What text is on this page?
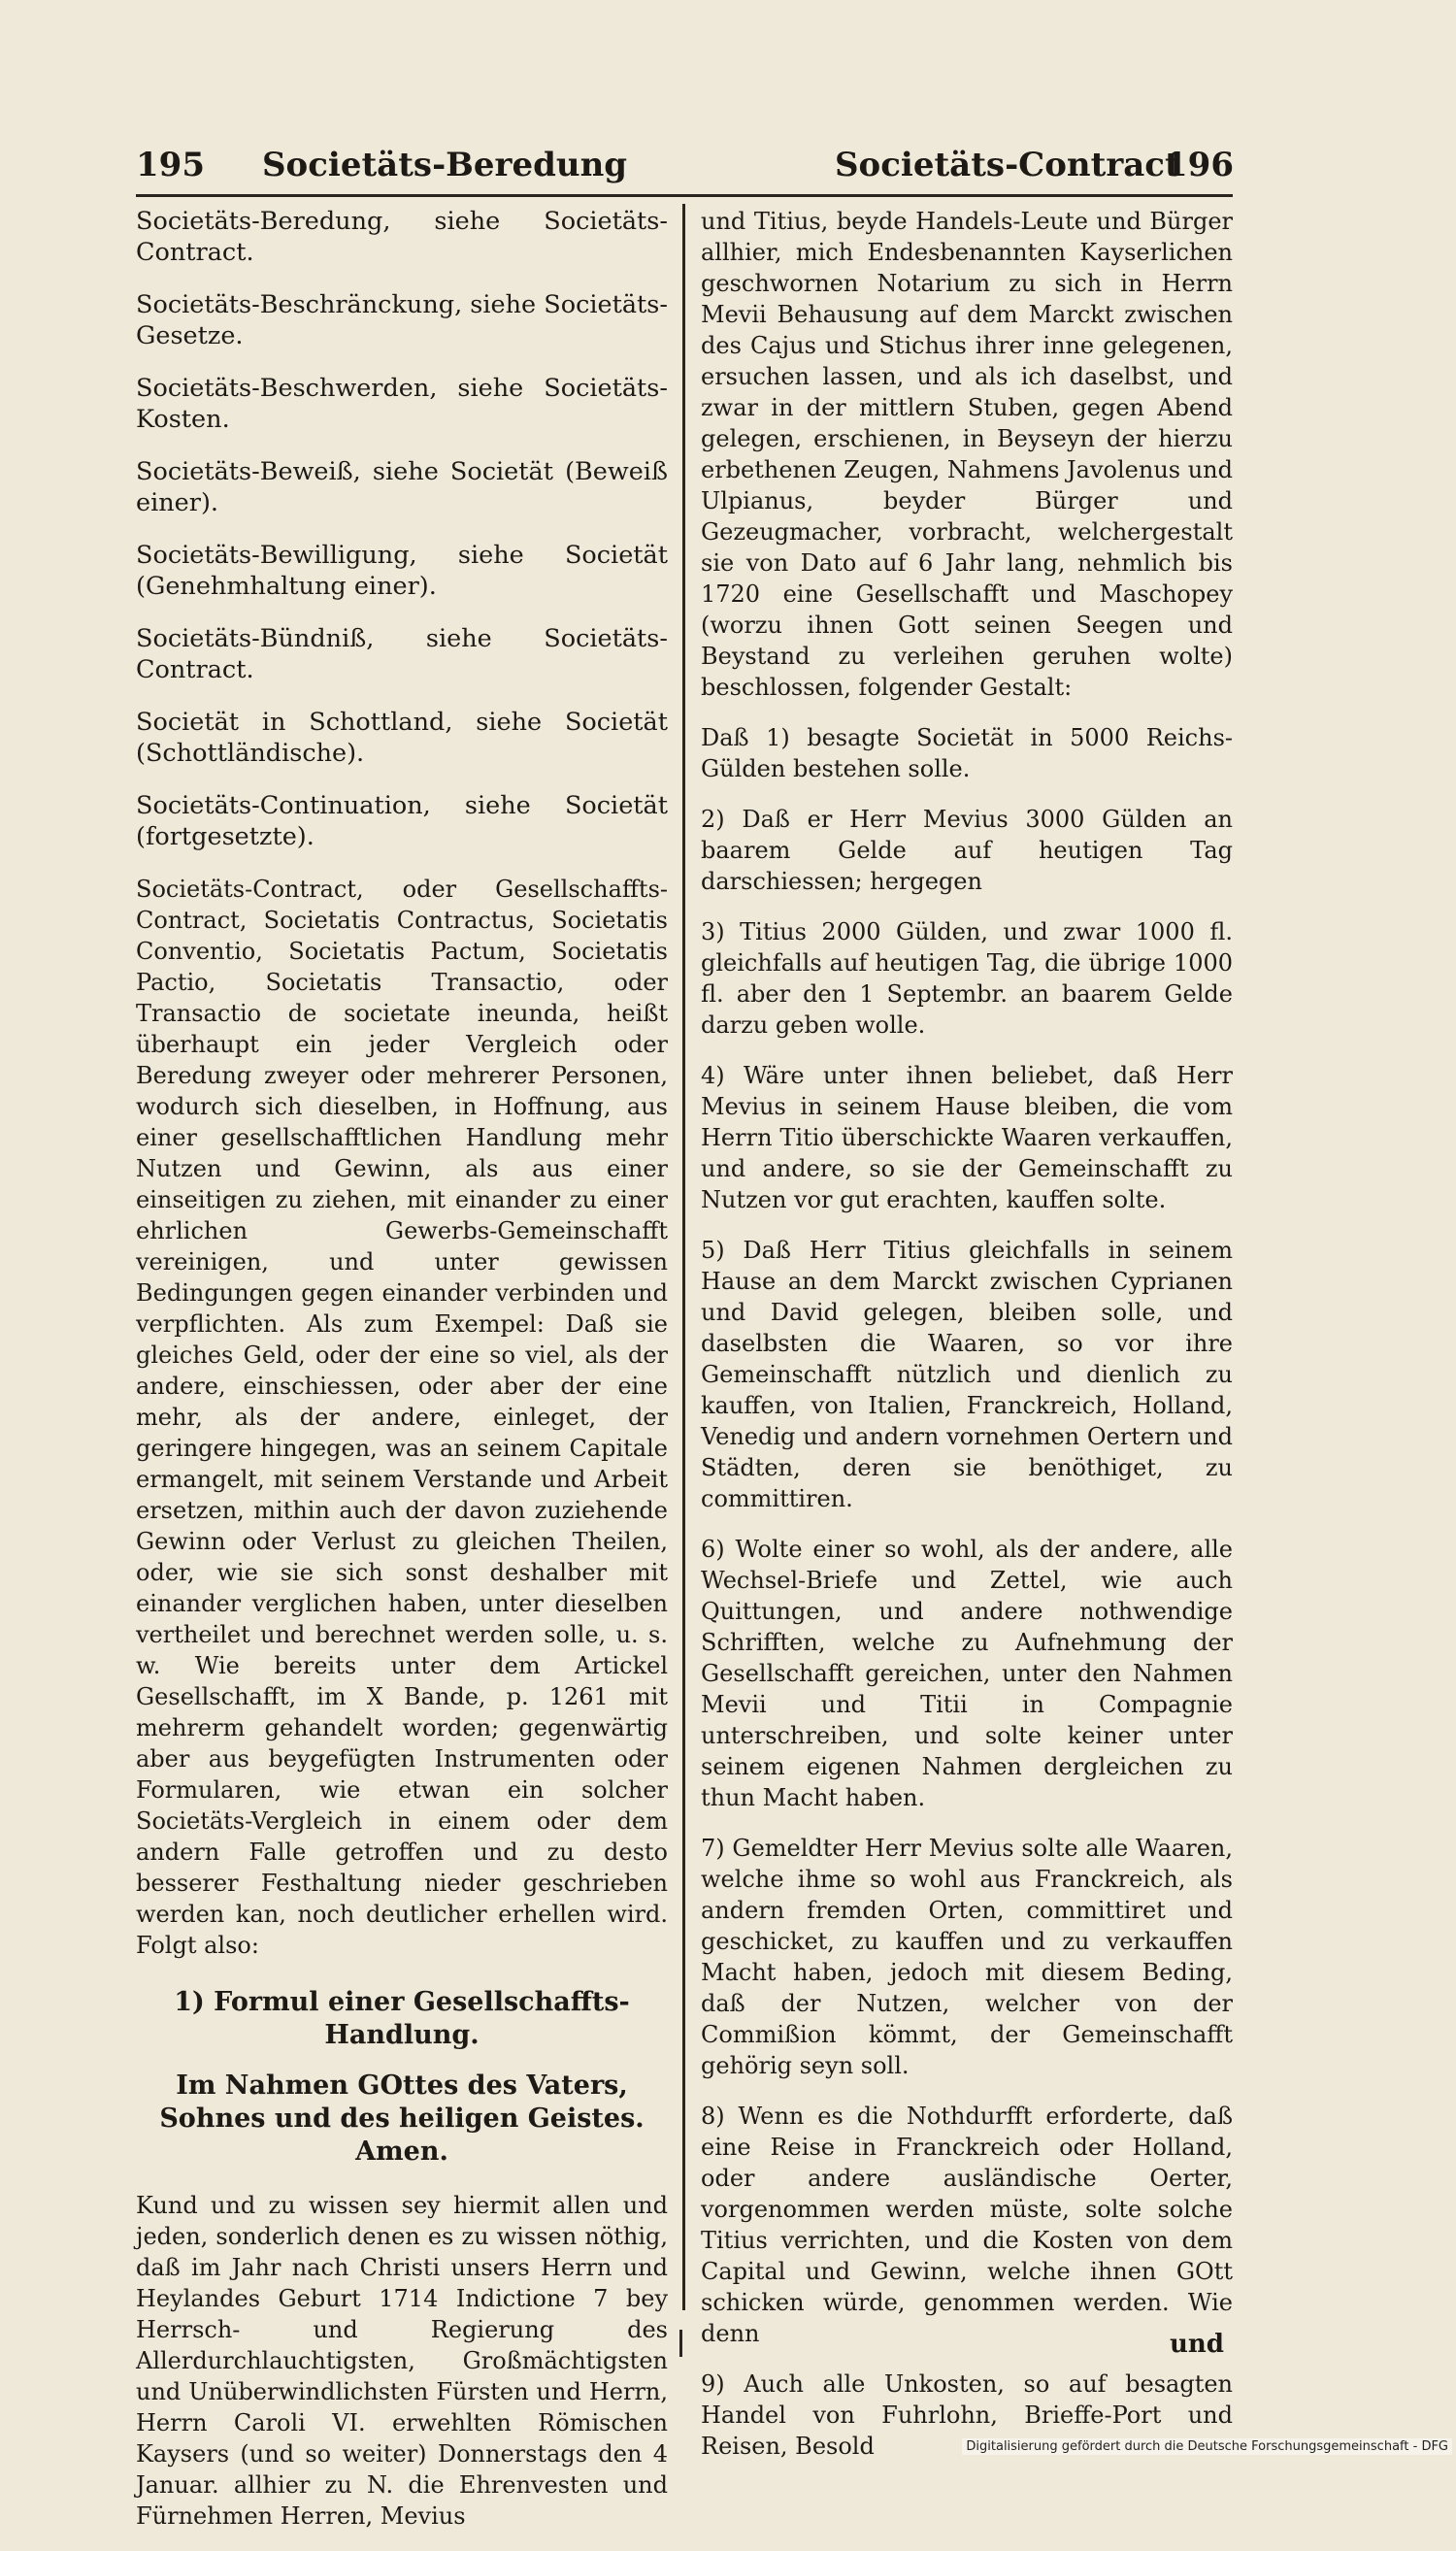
195 Societäts-Beredung	Societäts-Contract
196
Societäts-Beredung, siehe Societäts-Contract.
Societäts-Beschränckung, siehe Societäts-Gesetze.
Societäts-Beschwerden, siehe Societäts-Kosten.
Societäts-Beweiß, siehe Societät (Beweiß einer).
Societäts-Bewilligung, siehe Societät (Genehmhaltung einer).
Societäts-Bündniß, siehe Societäts-Contract.
Societät in Schottland, siehe Societät (Schottländische).
Societäts-Continuation, siehe Societät (fortgesetzte).

Societäts-Contract, oder Gesellschaffts-Contract, Societatis Contractus, Societatis Conventio, Societatis Pactum, Societatis Pactio, Societatis Transactio, oder Transactio de societate ineunda, heißt überhaupt ein jeder Vergleich oder Beredung zweyer oder mehrerer Personen, wodurch sich dieselben, in Hoffnung, aus einer gesellschafftlichen Handlung mehr Nutzen und Gewinn, als aus einer einseitigen zu ziehen, mit einander zu einer ehrlichen Gewerbs-Gemeinschafft vereinigen, und unter gewissen Bedingungen gegen einander verbinden und verpflichten. Als zum Exempel: Daß sie gleiches Geld, oder der eine so viel, als der andere, einschiessen, oder aber der eine mehr, als der andere, einleget, der geringere hingegen, was an seinem Capitale ermangelt, mit seinem Verstande und Arbeit ersetzen, mithin auch der davon zuziehende Gewinn oder Verlust zu gleichen Theilen, oder, wie sie sich sonst deshalber mit einander verglichen haben, unter dieselben vertheilet und berechnet werden solle, u. s. w. Wie bereits unter dem Artickel Gesellschafft, im X Bande, p. 1261 mit mehrerm gehandelt worden; gegenwärtig aber aus beygefügten Instrumenten oder Formularen, wie etwan ein solcher Societäts-Vergleich in einem oder dem andern Falle getroffen und zu desto besserer Festhaltung nieder geschrieben werden kan, noch deutlicher erhellen wird. Folgt also:

1) Formul einer Gesellschaffts-Handlung.
Im Nahmen GOttes des Vaters, Sohnes und des heiligen Geistes. Amen.

Kund und zu wissen sey hiermit allen und jeden, sonderlich denen es zu wissen nöthig, daß im Jahr nach Christi unsers Herrn und Heylandes Geburt 1714 Indictione 7 bey Herrsch- und Regierung des Allerdurchlauchtigsten, Großmächtigsten und Unüberwindlichsten Fürsten und Herrn, Herrn Caroli VI. erwehlten Römischen Kaysers (und so weiter) Donnerstags den 4 Januar. allhier zu N. die Ehrenvesten und Fürnehmen Herren, Mevius

und Titius, beyde Handels-Leute und Bürger allhier, mich Endesbenannten Kayserlichen geschwornen Notarium zu sich in Herrn Mevii Behausung auf dem Marckt zwischen des Cajus und Stichus ihrer inne gelegenen, ersuchen lassen, und als ich daselbst, und zwar in der mittlern Stuben, gegen Abend gelegen, erschienen, in Beyseyn der hierzu erbethenen Zeugen, Nahmens Javolenus und Ulpianus, beyder Bürger und Gezeugmacher, vorbracht, welchergestalt sie von Dato auf 6 Jahr lang, nehmlich bis 1720 eine Gesellschafft und Maschopey (worzu ihnen Gott seinen Seegen und Beystand zu verleihen geruhen wolte) beschlossen, folgender Gestalt:
Daß 1) besagte Societät in 5000 Reichs-Gülden bestehen solle.
2) Daß er Herr Mevius 3000 Gülden an baarem Gelde auf heutigen Tag darschiessen; hergegen
3) Titius 2000 Gülden, und zwar 1000 fl. gleichfalls auf heutigen Tag, die übrige 1000 fl. aber den 1 Septembr. an baarem Gelde darzu geben wolle.
4) Wäre unter ihnen beliebet, daß Herr Mevius in seinem Hause bleiben, die vom Herrn Titio überschickte Waaren verkauffen, und andere, so sie der Gemeinschafft zu Nutzen vor gut erachten, kauffen solte.
5) Daß Herr Titius gleichfalls in seinem Hause an dem Marckt zwischen Cyprianen und David gelegen, bleiben solle, und daselbsten die Waaren, so vor ihre Gemeinschafft nützlich und dienlich zu kauffen, von Italien, Franckreich, Holland, Venedig und andern vornehmen Oertern und Städten, deren sie benöthiget, zu committiren.
6) Wolte einer so wohl, als der andere, alle Wechsel-Briefe und Zettel, wie auch Quittungen, und andere nothwendige Schrifften, welche zu Aufnehmung der Gesellschafft gereichen, unter den Nahmen Mevii und Titii in Compagnie unterschreiben, und solte keiner unter seinem eigenen Nahmen dergleichen zu thun Macht haben.
7) Gemeldter Herr Mevius solte alle Waaren, welche ihme so wohl aus Franckreich, als andern fremden Orten, committiret und geschicket, zu kauffen und zu verkauffen Macht haben, jedoch mit diesem Beding, daß der Nutzen, welcher von der Commißion kömmt, der Gemeinschafft gehörig seyn soll.
8) Wenn es die Nothdurfft erforderte, daß eine Reise in Franckreich oder Holland, oder andere ausländische Oerter, vorgenommen werden müste, solte solche Titius verrichten, und die Kosten von dem Capital und Gewinn, welche ihnen GOtt schicken würde, genommen werden. Wie denn
9) Auch alle Unkosten, so auf besagten Handel von Fuhrlohn, Brieffe-Port und Reisen, Besold
und
Digitalisierung gefördert durch die Deutsche Forschungsgemeinschaft - DFG
